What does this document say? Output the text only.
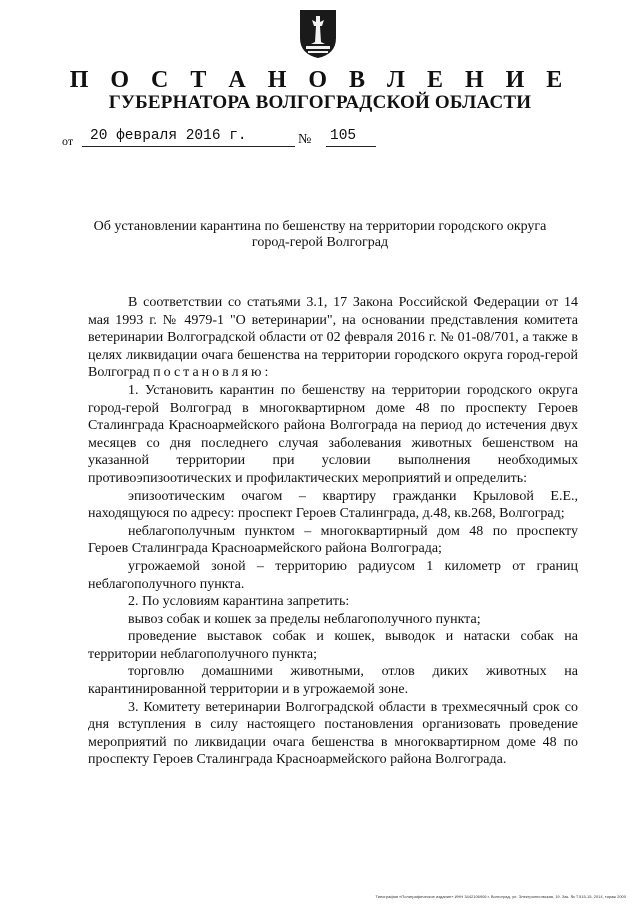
П О С Т А Н О В Л Е Н И Е
ГУБЕРНАТОРА ВОЛГОГРАДСКОЙ ОБЛАСТИ
от 20 февраля 2016 г.	№ 105
Об установлении карантина по бешенству на территории городского округа город-герой Волгоград

В соответствии со статьями 3.1, 17 Закона Российской Федерации от 14 мая 1993 г. № 4979-1 "О ветеринарии", на основании представления комитета ветеринарии Волгоградской области от 02 февраля 2016 г. № 01-08/701, а также в целях ликвидации очага бешенства на территории городского округа город-герой Волгоград постановляю:

1. Установить карантин по бешенству на территории городского округа город-герой Волгоград в многоквартирном доме 48 по проспекту Героев Сталинграда Красноармейского района Волгограда на период до истечения двух месяцев со дня последнего случая заболевания животных бешенством на указанной территории при условии выполнения необходимых противоэпизоотических и профилактических мероприятий и определить:

эпизоотическим очагом – квартиру гражданки Крыловой Е.Е., находящуюся по адресу: проспект Героев Сталинграда, д.48, кв.268, Волгоград;

неблагополучным пунктом – многоквартирный дом 48 по проспекту Героев Сталинграда Красноармейского района Волгограда;

угрожаемой зоной – территорию радиусом 1 километр от границ неблагополучного пункта.

2. По условиям карантина запретить:

вывоз собак и кошек за пределы неблагополучного пункта;

проведение выставок собак и кошек, выводок и натаски собак на территории неблагополучного пункта;

торговлю домашними животными, отлов диких животных на карантинированной территории и в угрожаемой зоне.

3. Комитету ветеринарии Волгоградской области в трехмесячный срок со дня вступления в силу настоящего постановления организовать проведение мероприятий по ликвидации очага бешенства в многоквартирном доме 48 по проспекту Героев Сталинграда Красноармейского района Волгограда.

Типография «Полиграфическое издание» ИНН 3442106906 г. Волгоград, ул. Электролесовская, 19. Зак. № Т.515-15, 2014, тираж 2000
